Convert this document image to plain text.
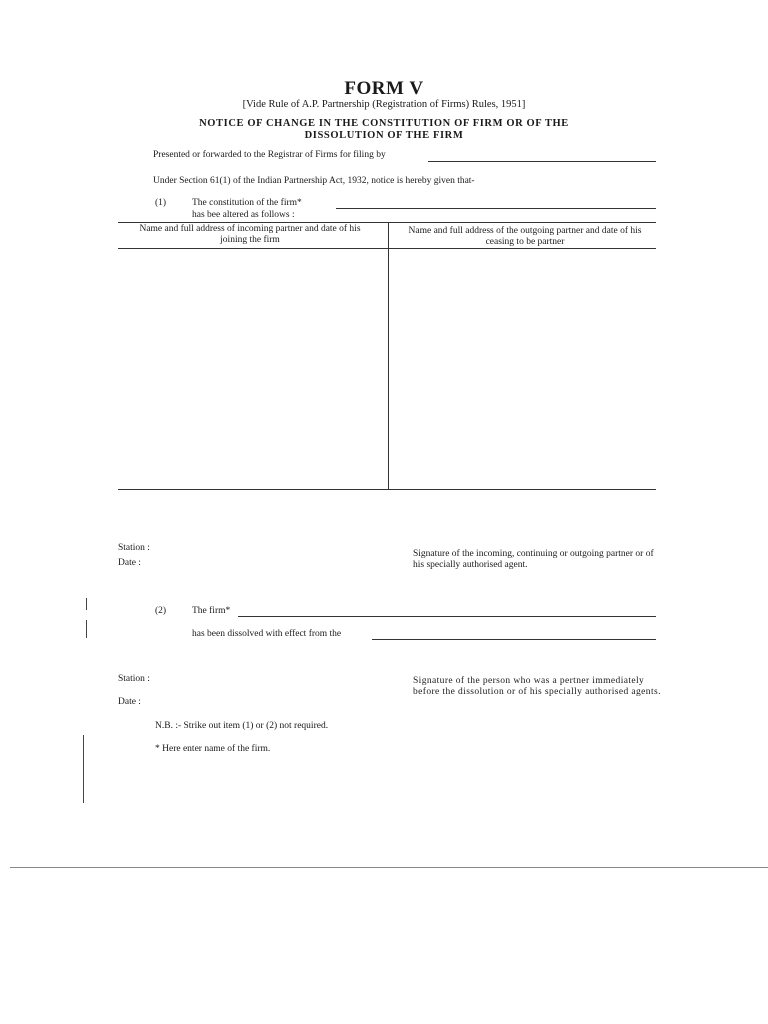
FORM V
[Vide Rule of A.P. Partnership (Registration of Firms) Rules, 1951]
NOTICE OF CHANGE IN THE CONSTITUTION OF FIRM OR OF THE
DISSOLUTION OF THE FIRM
Presented or forwarded to the Registrar of Firms for filing by
Under Section 61(1) of the Indian Partnership Act, 1932, notice is hereby given that-
(1)	The constitution of the firm*
has bee altered as follows :
Name and full address of incoming partner and date of his joining the firm
Name and full address of the outgoing partner and date of his ceasing to be partner
Station :
Date :
Signature of the incoming, continuing or outgoing partner or of his specially authorised agent.
(2)	The firm*
has been dissolved with effect from the
Station :
Date :
Signature of the person who was a pertner immediately before the dissolution or of his specially authorised agents.
N.B. :- Strike out item (1) or (2) not required.
* Here enter name of the firm.
